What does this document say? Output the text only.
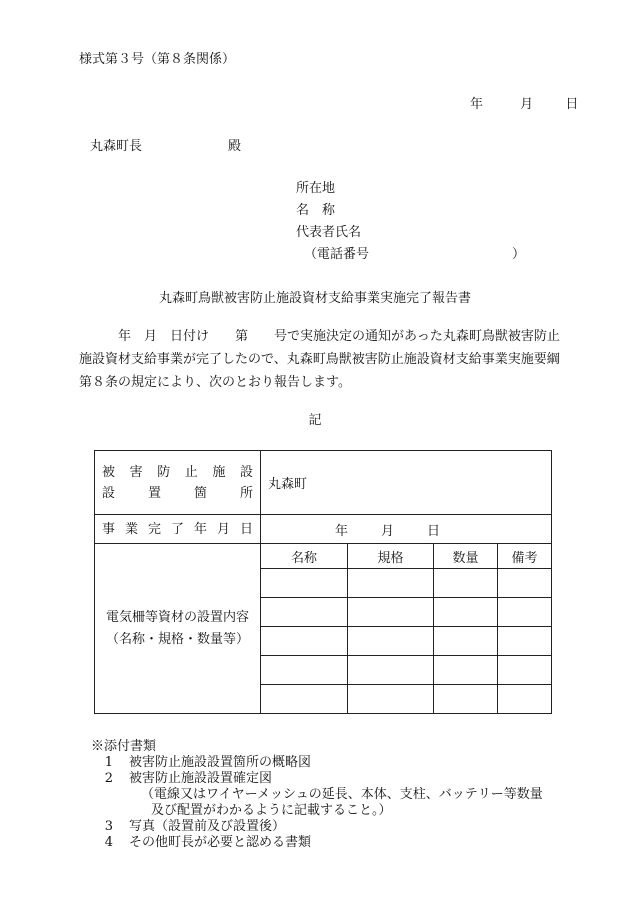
様式第３号（第８条関係）
年	月 日
丸森町長	殿
所在地
名　称
代表者氏名
（電話番号	）
丸森町鳥獣被害防止施設資材支給事業実施完了報告書

　　　年　月　日付け　　第　　号で実施決定の通知があった丸森町鳥獣被害防止

施設資材支給事業が完了したので、丸森町鳥獣被害防止施設資材支給事業実施要綱

第８条の規定により、次のとおり報告します。

記
被害防止施設
設置箇所	丸森町			

事業完了年月日	年 月 日			

電気柵等資材の設置内容
（名称・規格・数量等）	名称	規格	数量	備考

※添付書類
1 被害防止施設設置箇所の概略図
2 被害防止施設設置確定図
（電線又はワイヤーメッシュの延長、本体、支柱、バッテリー等数量
及び配置がわかるように記載すること。）
3 写真（設置前及び設置後）
4 その他町長が必要と認める書類
